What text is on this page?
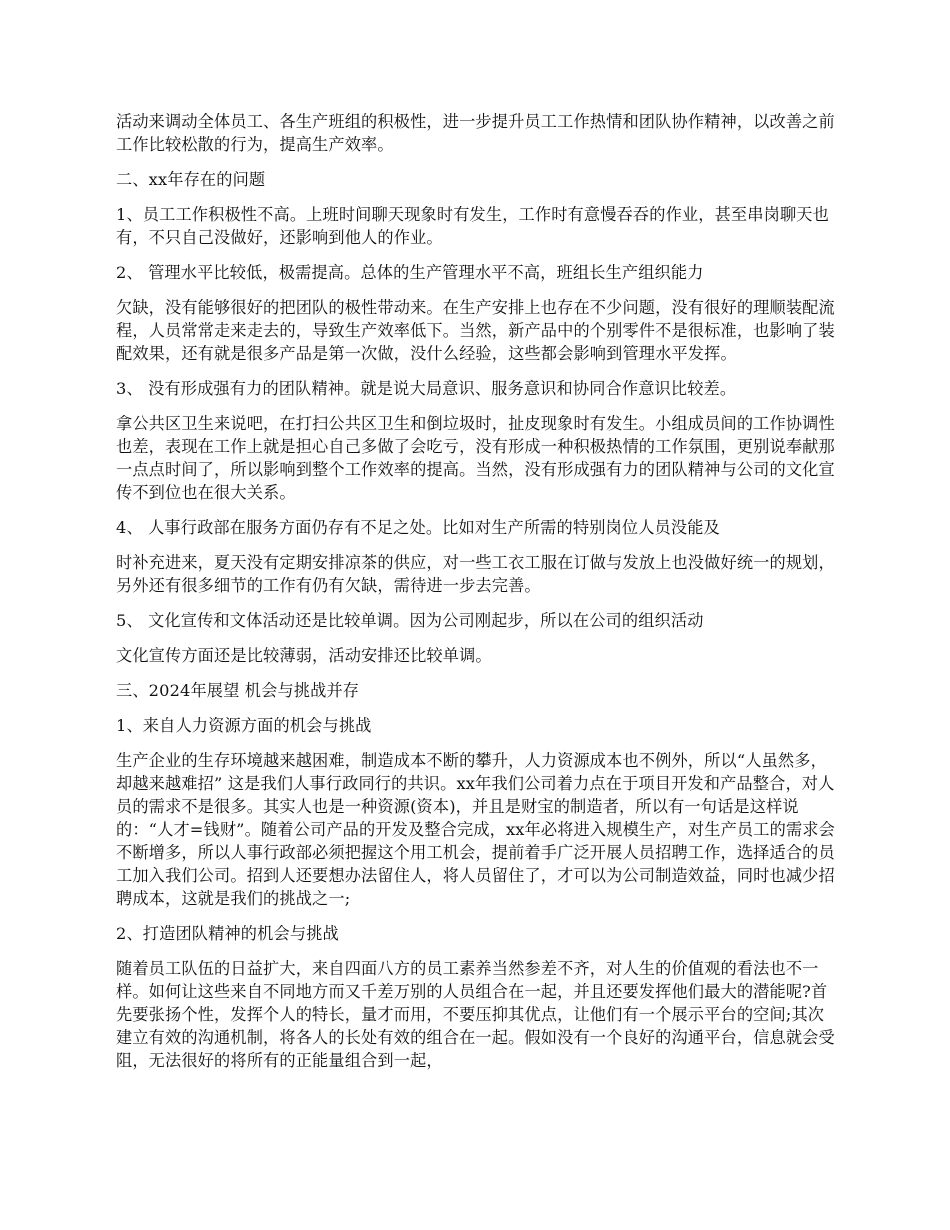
活动来调动全体员工、各生产班组的积极性，进一步提升员工工作热情和团队协作精神，以改善之前工作比较松散的行为，提高生产效率。

二、xx年存在的问题

1、员工工作积极性不高。上班时间聊天现象时有发生，工作时有意慢吞吞的作业，甚至串岗聊天也有，不只自己没做好，还影响到他人的作业。

2、 管理水平比较低，极需提高。总体的生产管理水平不高，班组长生产组织能力

欠缺，没有能够很好的把团队的极性带动来。在生产安排上也存在不少问题，没有很好的理顺装配流程，人员常常走来走去的，导致生产效率低下。当然，新产品中的个别零件不是很标准，也影响了装配效果，还有就是很多产品是第一次做，没什么经验，这些都会影响到管理水平发挥。

3、 没有形成强有力的团队精神。就是说大局意识、服务意识和协同合作意识比较差。

拿公共区卫生来说吧，在打扫公共区卫生和倒垃圾时，扯皮现象时有发生。小组成员间的工作协调性也差，表现在工作上就是担心自己多做了会吃亏，没有形成一种积极热情的工作氛围，更别说奉献那一点点时间了，所以影响到整个工作效率的提高。当然，没有形成强有力的团队精神与公司的文化宣传不到位也在很大关系。

4、 人事行政部在服务方面仍存有不足之处。比如对生产所需的特别岗位人员没能及

时补充进来，夏天没有定期安排凉茶的供应，对一些工衣工服在订做与发放上也没做好统一的规划，另外还有很多细节的工作有仍有欠缺，需待进一步去完善。

5、 文化宣传和文体活动还是比较单调。因为公司刚起步，所以在公司的组织活动

文化宣传方面还是比较薄弱，活动安排还比较单调。

三、2024年展望 机会与挑战并存

1、来自人力资源方面的机会与挑战

生产企业的生存环境越来越困难，制造成本不断的攀升，人力资源成本也不例外，所以“人虽然多，却越来越难招” 这是我们人事行政同行的共识。xx年我们公司着力点在于项目开发和产品整合，对人员的需求不是很多。其实人也是一种资源(资本)，并且是财宝的制造者，所以有一句话是这样说的：“人才=钱财”。随着公司产品的开发及整合完成，xx年必将进入规模生产，对生产员工的需求会不断增多，所以人事行政部必须把握这个用工机会，提前着手广泛开展人员招聘工作，选择适合的员工加入我们公司。招到人还要想办法留住人，将人员留住了，才可以为公司制造效益，同时也减少招聘成本，这就是我们的挑战之一;

2、打造团队精神的机会与挑战

随着员工队伍的日益扩大，来自四面八方的员工素养当然参差不齐，对人生的价值观的看法也不一样。如何让这些来自不同地方而又千差万别的人员组合在一起，并且还要发挥他们最大的潜能呢?首先要张扬个性，发挥个人的特长，量才而用，不要压抑其优点，让他们有一个展示平台的空间;其次建立有效的沟通机制，将各人的长处有效的组合在一起。假如没有一个良好的沟通平台，信息就会受阻，无法很好的将所有的正能量组合到一起，
